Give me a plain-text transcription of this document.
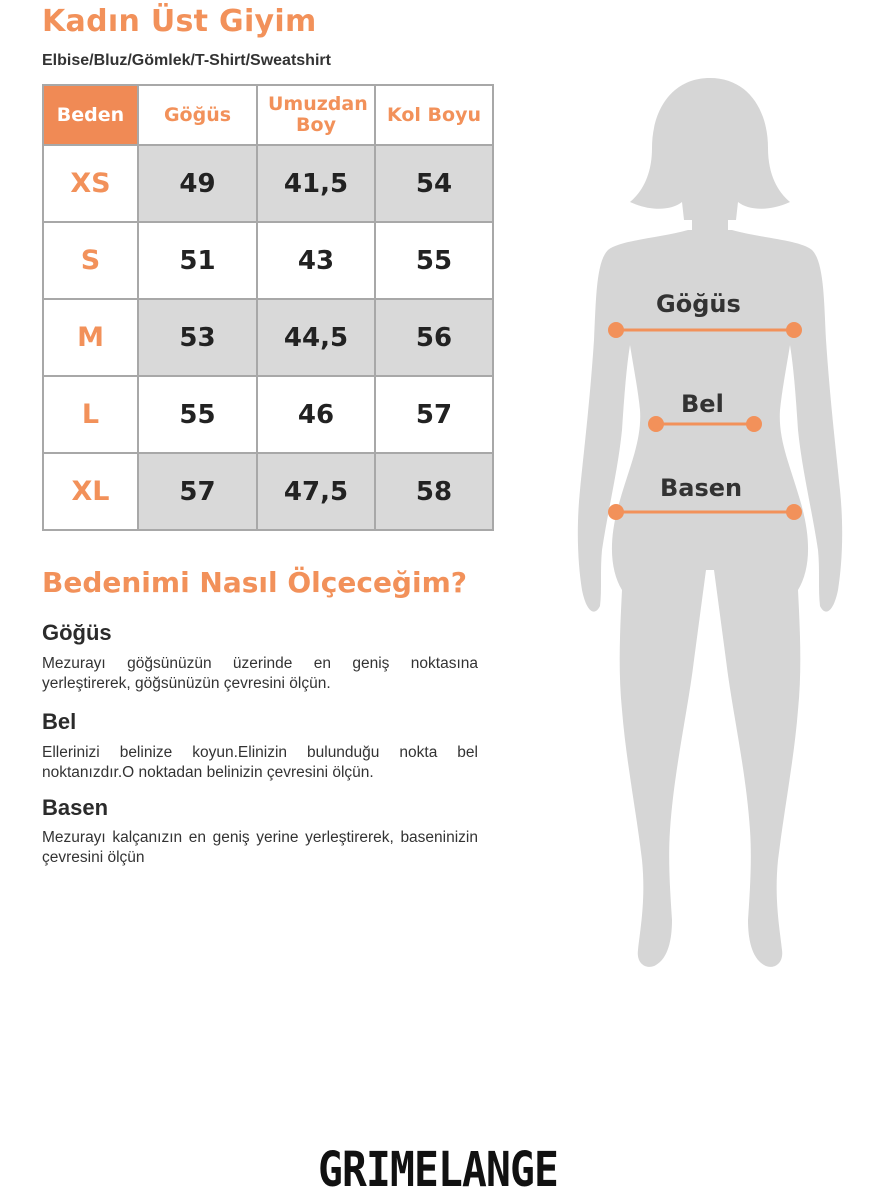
Kadın Üst Giyim
Elbise/Bluz/Gömlek/T-Shirt/Sweatshirt
Beden	Göğüs	Umuzdan Boy	Kol Boyu
XS	49	41,5	54
S	51	43	55
M	53	44,5	56
L	55	46	57
XL	57	47,5	58
Bedenimi Nasıl Ölçeceğim?
Göğüs
Mezurayı göğsünüzün üzerinde en geniş noktasına yerleştirerek, göğsünüzün çevresini ölçün.
Bel
Ellerinizi belinize koyun.Elinizin bulunduğu nokta bel noktanızdır.O noktadan belinizin çevresini ölçün.
Basen
Mezurayı kalçanızın en geniş yerine yerleştirerek, baseninizin çevresini ölçün
Göğüs
Bel
Basen
GRIMELANGE
